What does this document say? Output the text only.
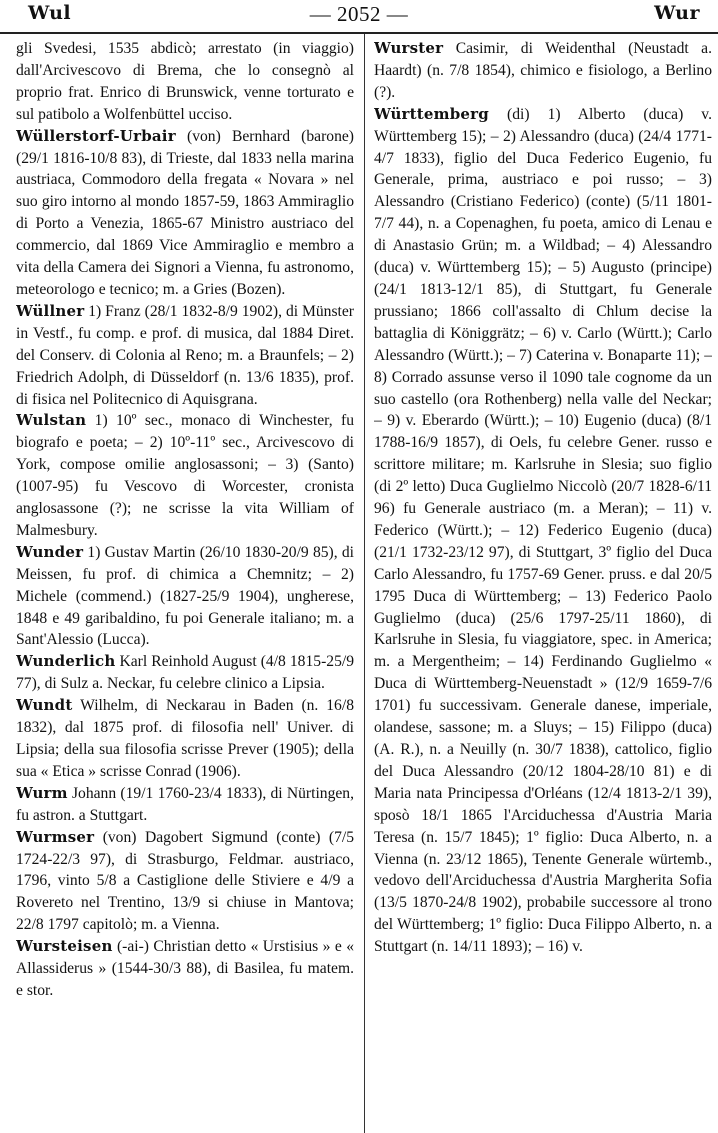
Wul	— 2052 —	Wur

gli Svedesi, 1535 abdicò; arrestato (in viaggio) dall'Arcivescovo di Brema, che lo consegnò al proprio frat. Enrico di Brunswick, venne torturato e sul patibolo a Wolfenbüttel ucciso.

Wüllerstorf-Urbair (von) Bernhard (barone) (29/1 1816-10/8 83), di Trieste, dal 1833 nella marina austriaca, Commodoro della fregata « Novara » nel suo giro intorno al mondo 1857-59, 1863 Ammiraglio di Porto a Venezia, 1865-67 Ministro austriaco del commercio, dal 1869 Vice Ammiraglio e membro a vita della Camera dei Signori a Vienna, fu astronomo, meteorologo e tecnico; m. a Gries (Bozen).

Wüllner 1) Franz (28/1 1832-8/9 1902), di Münster in Vestf., fu comp. e prof. di musica, dal 1884 Diret. del Conserv. di Colonia al Reno; m. a Braunfels; – 2) Friedrich Adolph, di Düsseldorf (n. 13/6 1835), prof. di fisica nel Politecnico di Aquisgrana.

Wulstan 1) 10º sec., monaco di Winchester, fu biografo e poeta; – 2) 10º-11º sec., Arcivescovo di York, compose omilie anglosassoni; – 3) (Santo) (1007-95) fu Vescovo di Worcester, cronista anglosassone (?); ne scrisse la vita William of Malmesbury.

Wunder 1) Gustav Martin (26/10 1830-20/9 85), di Meissen, fu prof. di chimica a Chemnitz; – 2) Michele (commend.) (1827-25/9 1904), ungherese, 1848 e 49 garibaldino, fu poi Generale italiano; m. a Sant'Alessio (Lucca).

Wunderlich Karl Reinhold August (4/8 1815-25/9 77), di Sulz a. Neckar, fu celebre clinico a Lipsia.

Wundt Wilhelm, di Neckarau in Baden (n. 16/8 1832), dal 1875 prof. di filosofia nell' Univer. di Lipsia; della sua filosofia scrisse Prever (1905); della sua « Etica » scrisse Conrad (1906).

Wurm Johann (19/1 1760-23/4 1833), di Nürtingen, fu astron. a Stuttgart.

Wurmser (von) Dagobert Sigmund (conte) (7/5 1724-22/3 97), di Strasburgo, Feldmar. austriaco, 1796, vinto 5/8 a Castiglione delle Stiviere e 4/9 a Rovereto nel Trentino, 13/9 si chiuse in Mantova; 22/8 1797 capitolò; m. a Vienna.

Wursteisen (-ai-) Christian detto « Urstisius » e « Allassiderus » (1544-30/3 88), di Basilea, fu matem. e stor.

Wurster Casimir, di Weidenthal (Neustadt a. Haardt) (n. 7/8 1854), chimico e fisiologo, a Berlino (?).

Württemberg (di) 1) Alberto (duca) v. Württemberg 15); – 2) Alessandro (duca) (24/4 1771-4/7 1833), figlio del Duca Federico Eugenio, fu Generale, prima, austriaco e poi russo; – 3) Alessandro (Cristiano Federico) (conte) (5/11 1801-7/7 44), n. a Copenaghen, fu poeta, amico di Lenau e di Anastasio Grün; m. a Wildbad; – 4) Alessandro (duca) v. Württemberg 15); – 5) Augusto (principe) (24/1 1813-12/1 85), di Stuttgart, fu Generale prussiano; 1866 coll'assalto di Chlum decise la battaglia di Königgrätz; – 6) v. Carlo (Württ.); Carlo Alessandro (Württ.); – 7) Caterina v. Bonaparte 11); – 8) Corrado assunse verso il 1090 tale cognome da un suo castello (ora Rothenberg) nella valle del Neckar; – 9) v. Eberardo (Württ.); – 10) Eugenio (duca) (8/1 1788-16/9 1857), di Oels, fu celebre Gener. russo e scrittore militare; m. Karlsruhe in Slesia; suo figlio (di 2º letto) Duca Guglielmo Niccolò (20/7 1828-6/11 96) fu Generale austriaco (m. a Meran); – 11) v. Federico (Württ.); – 12) Federico Eugenio (duca) (21/1 1732-23/12 97), di Stuttgart, 3º figlio del Duca Carlo Alessandro, fu 1757-69 Gener. pruss. e dal 20/5 1795 Duca di Württemberg; – 13) Federico Paolo Guglielmo (duca) (25/6 1797-25/11 1860), di Karlsruhe in Slesia, fu viaggiatore, spec. in America; m. a Mergentheim; – 14) Ferdinando Guglielmo « Duca di Württemberg-Neuenstadt » (12/9 1659-7/6 1701) fu successivam. Generale danese, imperiale, olandese, sassone; m. a Sluys; – 15) Filippo (duca) (A. R.), n. a Neuilly (n. 30/7 1838), cattolico, figlio del Duca Alessandro (20/12 1804-28/10 81) e di Maria nata Principessa d'Orléans (12/4 1813-2/1 39), sposò 18/1 1865 l'Arciduchessa d'Austria Maria Teresa (n. 15/7 1845); 1º figlio: Duca Alberto, n. a Vienna (n. 23/12 1865), Tenente Generale würtemb., vedovo dell'Arciduchessa d'Austria Margherita Sofia (13/5 1870-24/8 1902), probabile successore al trono del Württemberg; 1º figlio: Duca Filippo Alberto, n. a Stuttgart (n. 14/11 1893); – 16) v.
